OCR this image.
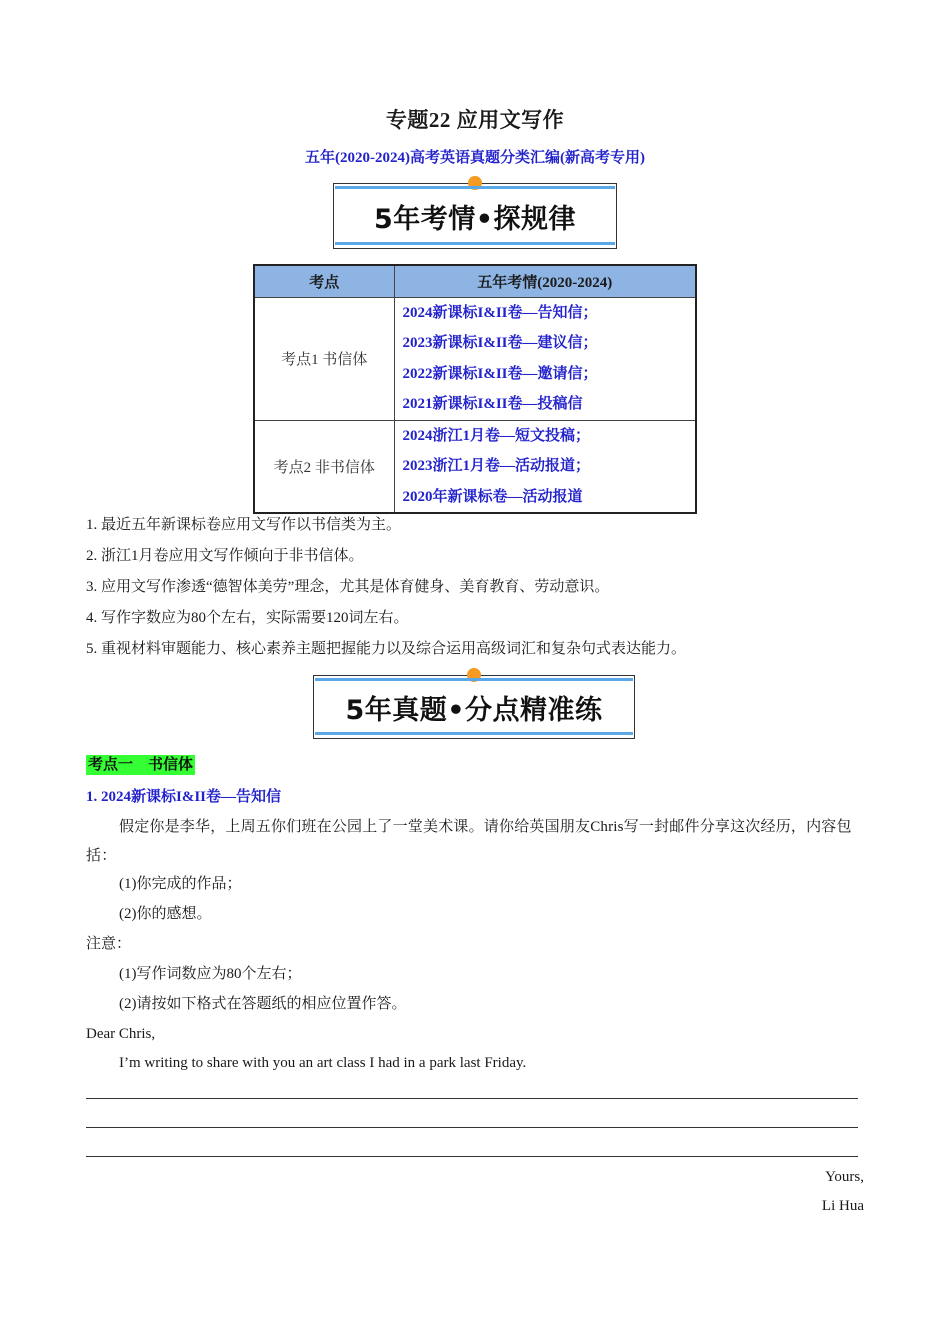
专题22 应用文写作
五年(2020-2024)高考英语真题分类汇编(新高考专用)
5年考情•探规律
考点	五年考情(2020-2024)
考点1 书信体	2024新课标I&II卷—告知信；
2023新课标I&II卷—建议信；
2022新课标I&II卷—邀请信；
2021新课标I&II卷—投稿信

考点2 非书信体	2024浙江1月卷—短文投稿；
2023浙江1月卷—活动报道；
2020年新课标卷—活动报道
1. 最近五年新课标卷应用文写作以书信类为主。
2. 浙江1月卷应用文写作倾向于非书信体。
3. 应用文写作渗透“德智体美劳”理念，尤其是体育健身、美育教育、劳动意识。
4. 写作字数应为80个左右，实际需要120词左右。
5. 重视材料审题能力、核心素养主题把握能力以及综合运用高级词汇和复杂句式表达能力。
5年真题•分点精准练
考点一    书信体
1. 2024新课标I&II卷—告知信
假定你是李华，上周五你们班在公园上了一堂美术课。请你给英国朋友Chris写一封邮件分享这次经历，内容包括：
(1)你完成的作品；
(2)你的感想。
注意：
(1)写作词数应为80个左右；
(2)请按如下格式在答题纸的相应位置作答。
Dear Chris,
I’m writing to share with you an art class I had in a park last Friday.
Yours,
Li Hua
